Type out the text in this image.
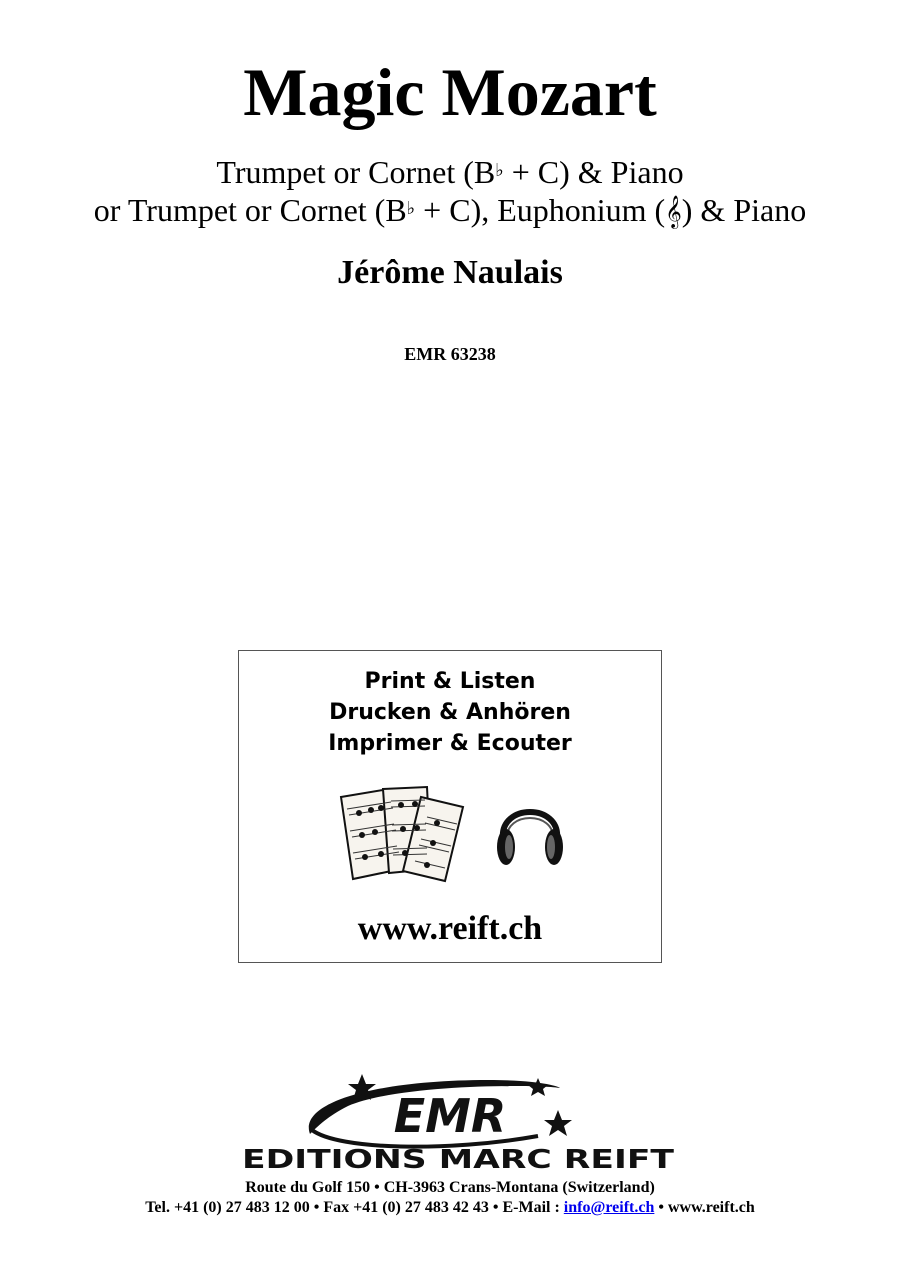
Magic Mozart
Trumpet or Cornet (B♭ + C) & Piano
or Trumpet or Cornet (B♭ + C), Euphonium (𝄞) & Piano
Jérôme Naulais
EMR 63238
Print & Listen
Drucken & Anhören
Imprimer & Ecouter
www.reift.ch
EMR
EDITIONS MARC REIFT
Route du Golf 150 • CH-3963 Crans-Montana (Switzerland)
Tel. +41 (0) 27 483 12 00 • Fax +41 (0) 27 483 42 43 • E-Mail : info@reift.ch • www.reift.ch
